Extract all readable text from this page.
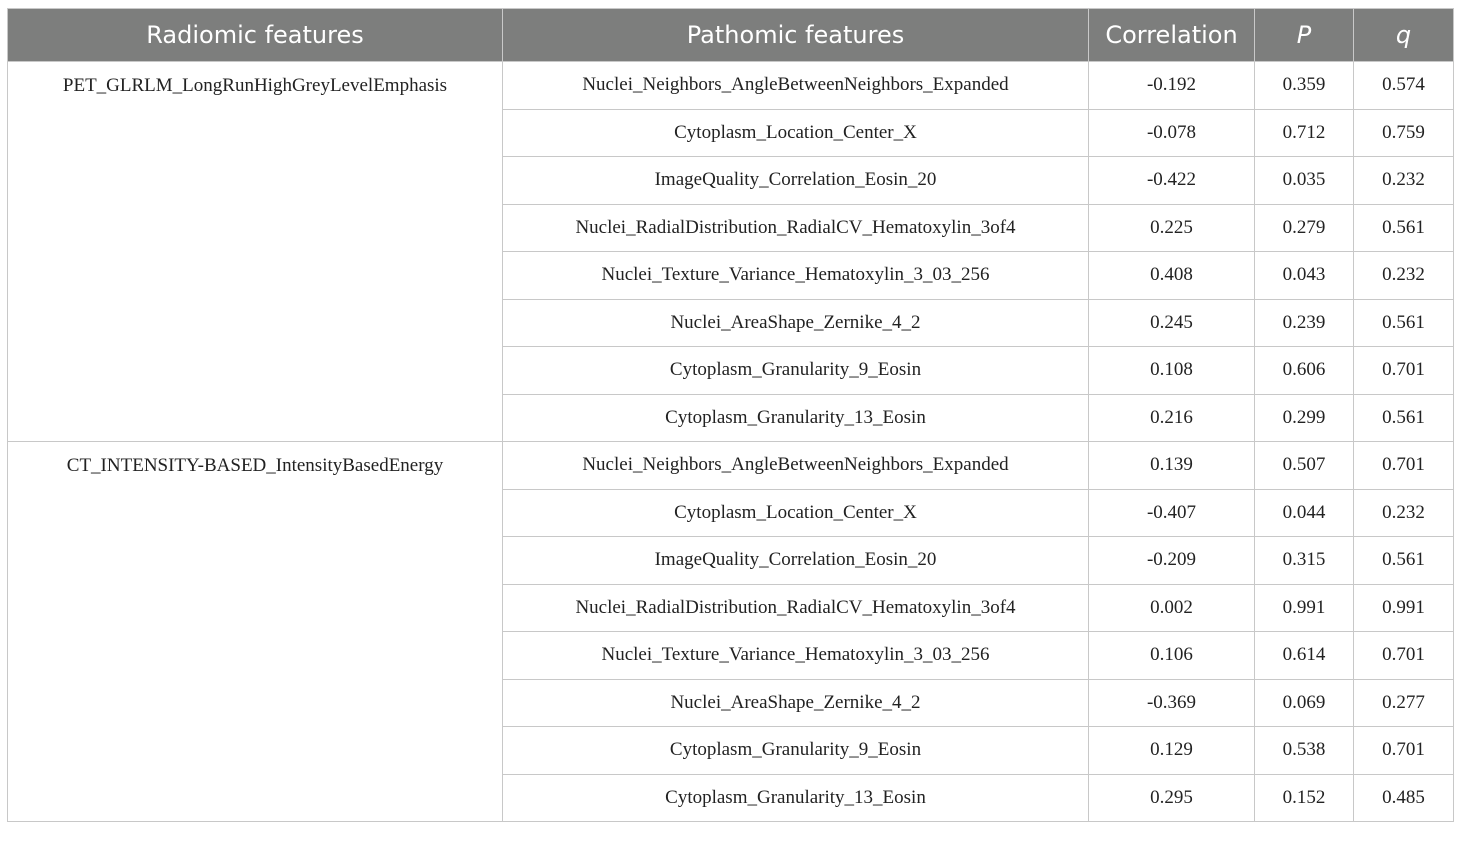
Radiomic features	Pathomic features	Correlation	P	q
PET_GLRLM_LongRunHighGreyLevelEmphasis	Nuclei_Neighbors_AngleBetweenNeighbors_Expanded	-0.192	0.359	0.574
	Cytoplasm_Location_Center_X	-0.078	0.712	0.759
	ImageQuality_Correlation_Eosin_20	-0.422	0.035	0.232
	Nuclei_RadialDistribution_RadialCV_Hematoxylin_3of4	0.225	0.279	0.561
	Nuclei_Texture_Variance_Hematoxylin_3_03_256	0.408	0.043	0.232
	Nuclei_AreaShape_Zernike_4_2	0.245	0.239	0.561
	Cytoplasm_Granularity_9_Eosin	0.108	0.606	0.701
	Cytoplasm_Granularity_13_Eosin	0.216	0.299	0.561
CT_INTENSITY-BASED_IntensityBasedEnergy	Nuclei_Neighbors_AngleBetweenNeighbors_Expanded	0.139	0.507	0.701
	Cytoplasm_Location_Center_X	-0.407	0.044	0.232
	ImageQuality_Correlation_Eosin_20	-0.209	0.315	0.561
	Nuclei_RadialDistribution_RadialCV_Hematoxylin_3of4	0.002	0.991	0.991
	Nuclei_Texture_Variance_Hematoxylin_3_03_256	0.106	0.614	0.701
	Nuclei_AreaShape_Zernike_4_2	-0.369	0.069	0.277
	Cytoplasm_Granularity_9_Eosin	0.129	0.538	0.701
	Cytoplasm_Granularity_13_Eosin	0.295	0.152	0.485
